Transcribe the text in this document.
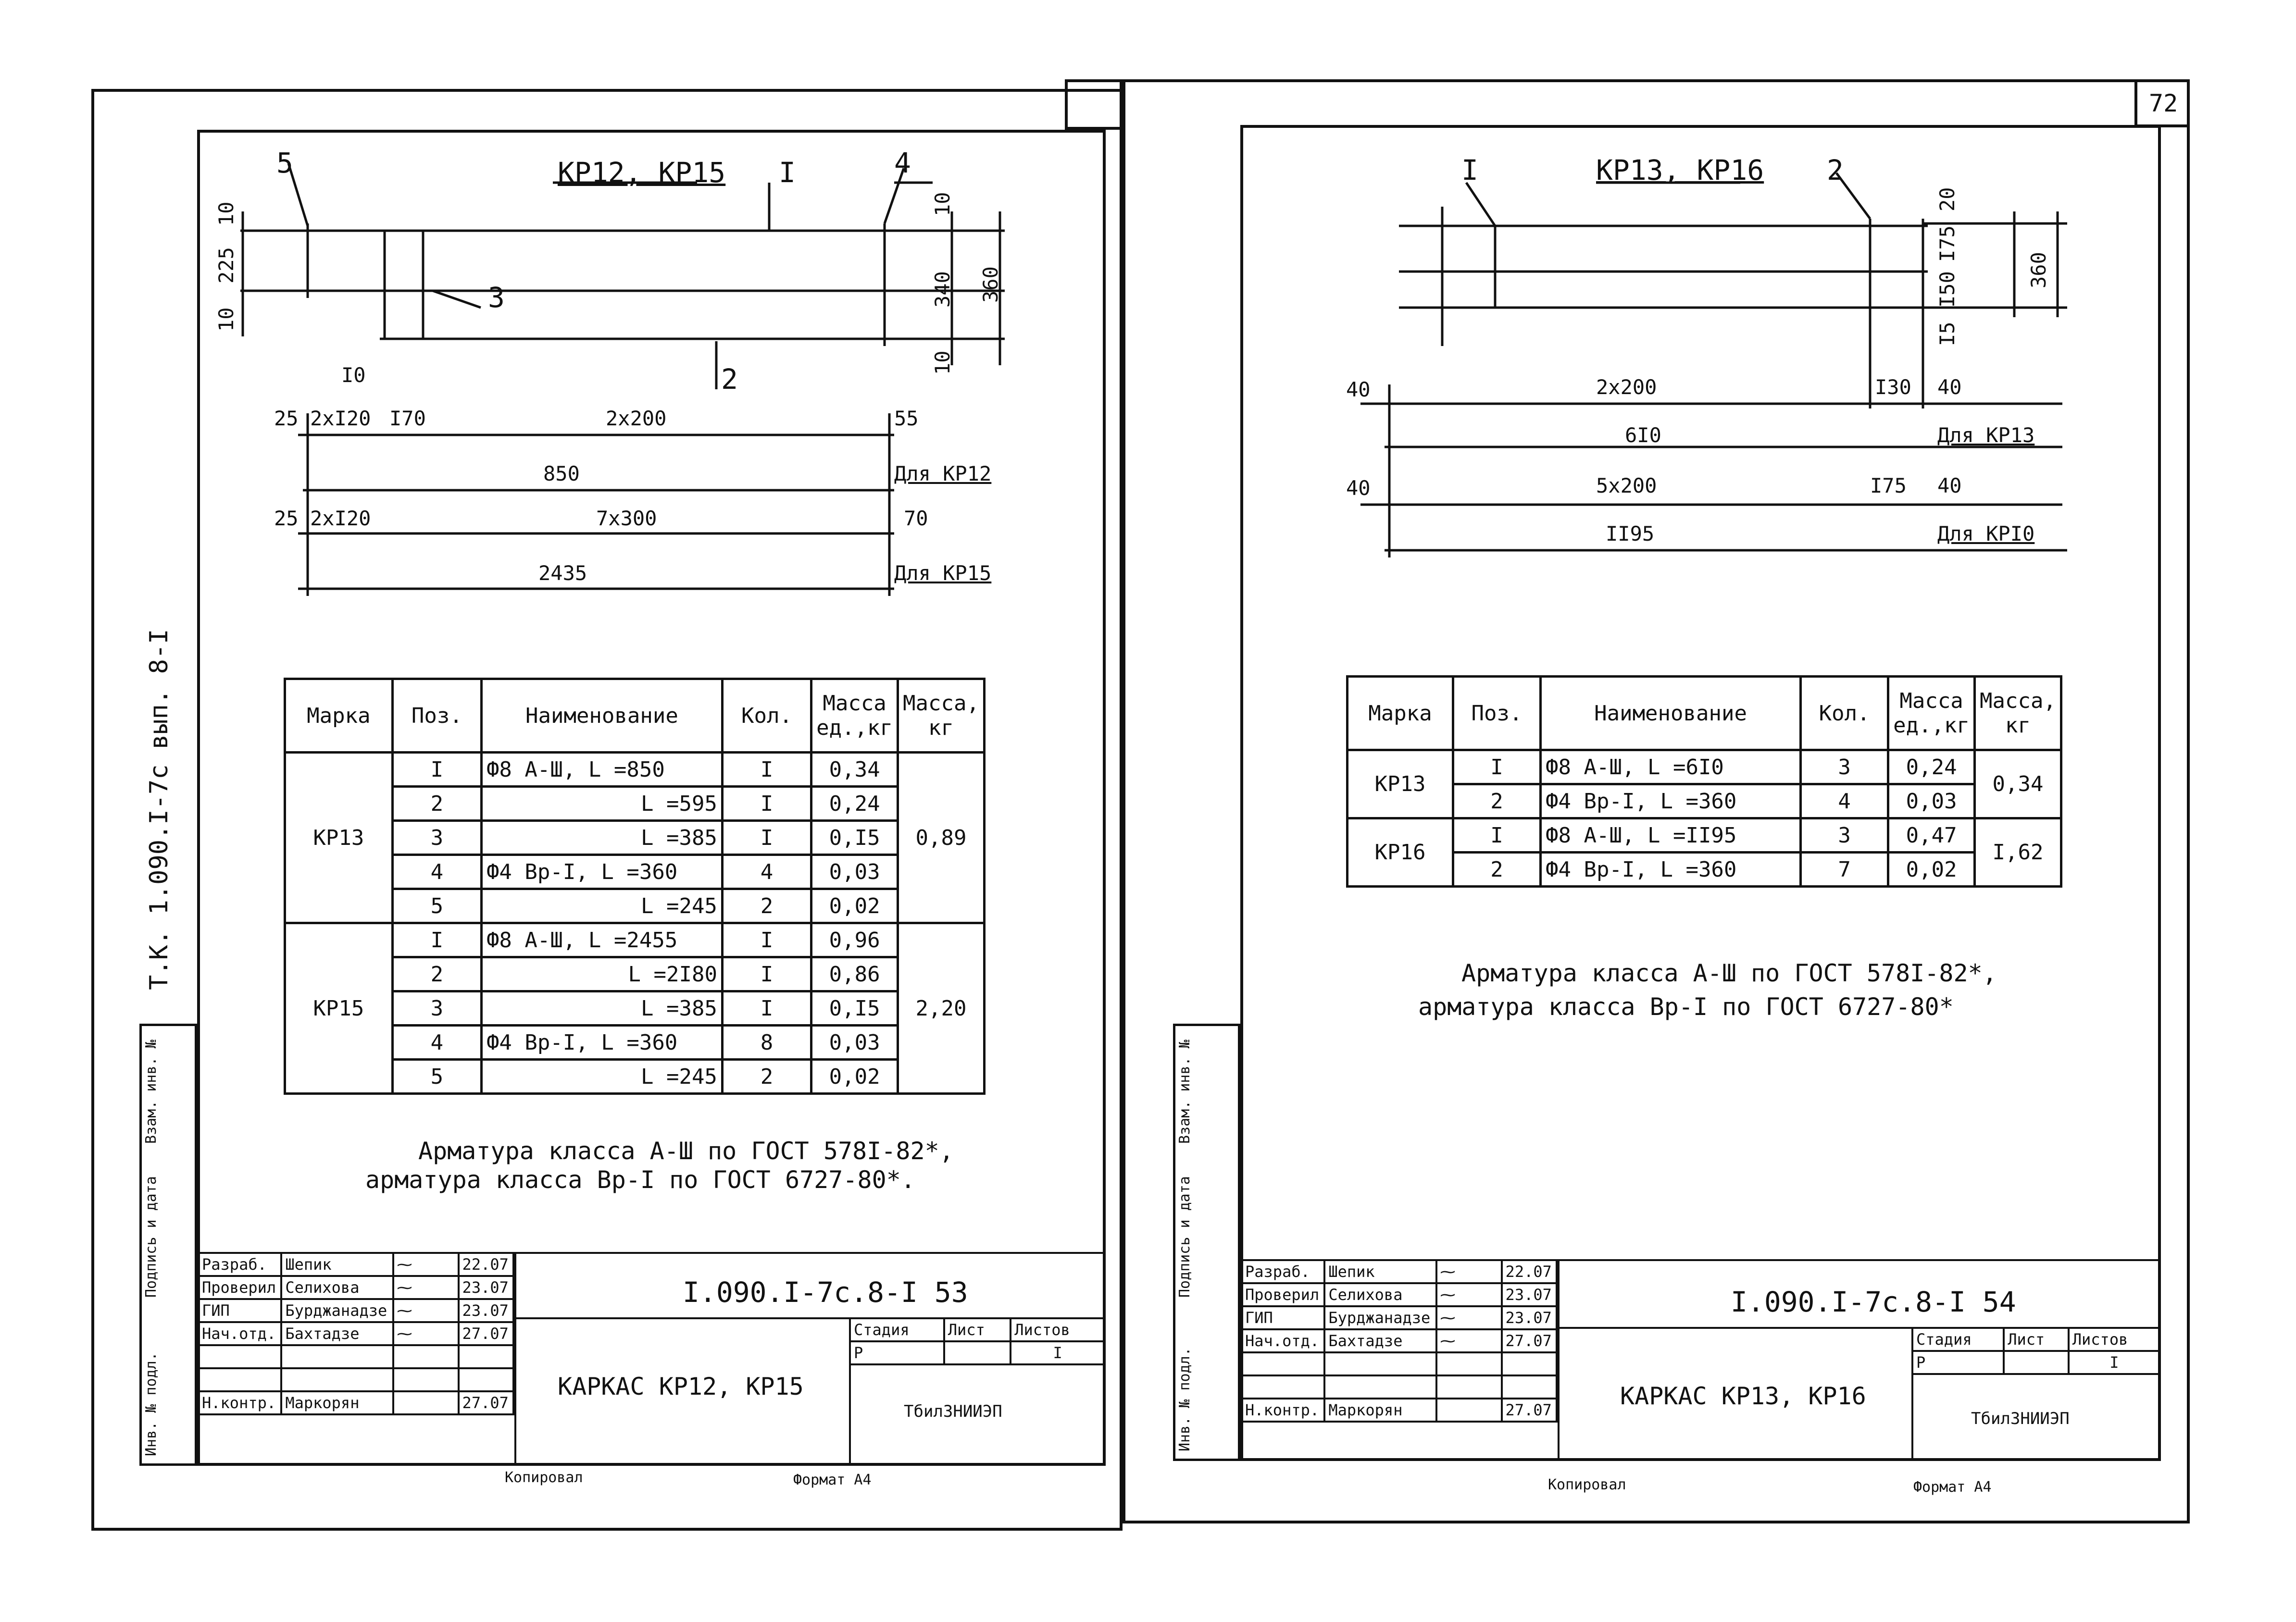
72
КР12, КР15
5	I	4
3
2
10
225
10
10
340 360
10
I0
25 2хI20 I70	2х200	55
850	Для КР12
25 2хI20	7х300	70
2435	Для КР15
Марка	Поз.	Наименование	Кол.	Масса ед.,кг	Масса, кг
КР13	I	Ф8 А-Ш, L =850	I	0,34	0,89
	2	L =595	I	0,24	
	3	L =385	I	0,I5	
	4	Ф4 Вр-I, L =360	4	0,03	
	5	L =245	2	0,02	
КР15	I	Ф8 А-Ш, L =2455	I	0,96	2,20
	2	L =2I80	I	0,86	
	3	L =385	I	0,I5	
	4	Ф4 Вр-I, L =360	8	0,03	
	5	L =245	2	0,02	
Арматура класса А-Ш по ГОСТ 578I-82*,
арматура класса Вр-I по ГОСТ 6727-80*.
Т.К. 1.090.I-7с вып. 8-I
Инв. № подл.
Подпись и дата
Взам. инв. №
Разраб.	Шепик	⁓	22.07
Проверил	Селихова	⁓	23.07
ГИП	Бурджанадзе	⁓	23.07
Нач.отд.	Бахтадзе	⁓	27.07

Н.контр.	Маркорян		27.07
I.090.I-7с.8-I 53
КАРКАС КР12, КР15
Стадия	Лист	Листов
Р		I
ТбилЗНИИЭП
Копировал	Формат А4
КР13, КР16
I	2
20
I75
I50
I5
360
40	2х200	I30 40
6I0	Для КР13
40	5х200	I75 40
II95	Для КРI0
Марка	Поз.	Наименование	Кол.	Масса ед.,кг	Масса, кг
КР13	I	Ф8 А-Ш, L =6I0	3	0,24	0,34
	2	Ф4 Вр-I, L =360	4	0,03	
КР16	I	Ф8 А-Ш, L =II95	3	0,47	I,62
	2	Ф4 Вр-I, L =360	7	0,02	
Арматура класса А-Ш по ГОСТ 578I-82*,
арматура класса Вр-I по ГОСТ 6727-80*
Инв. № подл.
Подпись и дата
Взам. инв. №
Разраб.	Шепик	⁓	22.07
Проверил	Селихова	⁓	23.07
ГИП	Бурджанадзе	⁓	23.07
Нач.отд.	Бахтадзе	⁓	27.07

Н.контр.	Маркорян		27.07
I.090.I-7с.8-I 54
КАРКАС КР13, КР16
Стадия	Лист	Листов
Р		I
ТбилЗНИИЭП
Копировал	Формат А4
